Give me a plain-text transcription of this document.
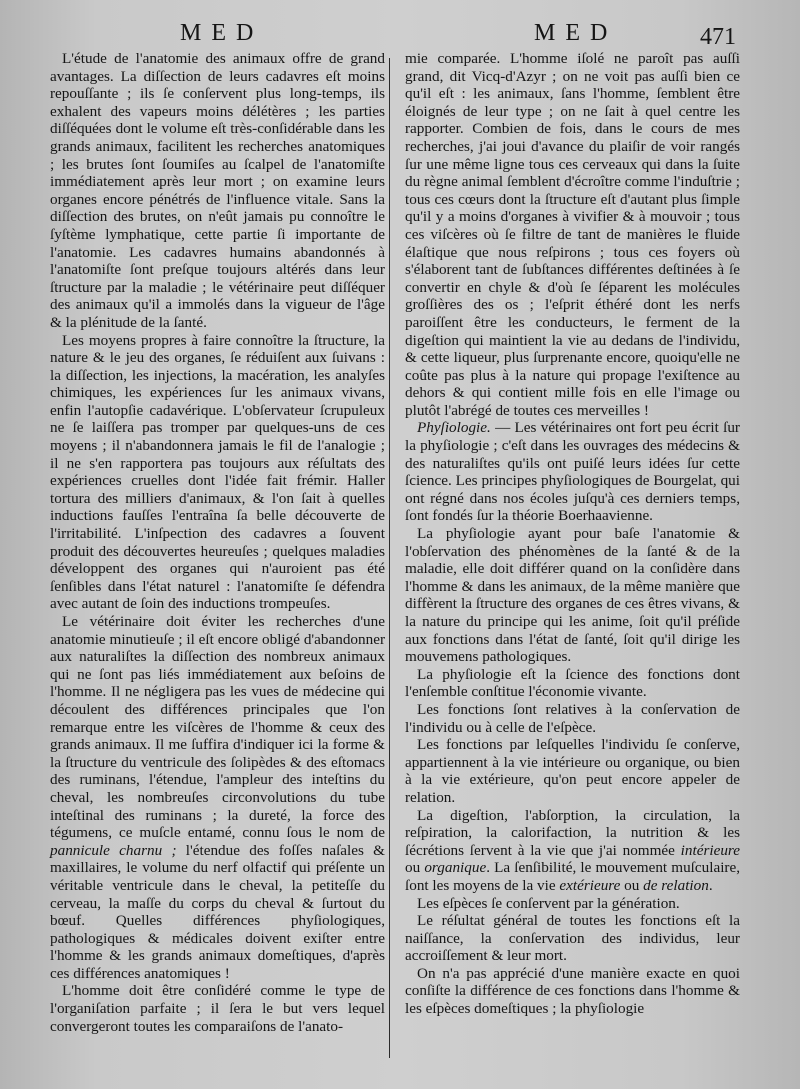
MED	MED	471

L'étude de l'anatomie des animaux offre de grand avantages. La diſſection de leurs cadavres eſt moins repouſſante ; ils ſe conſervent plus long-temps, ils exhalent des vapeurs moins délétères ; les parties diſſéquées dont le volume eſt très-conſidérable dans les grands animaux, facilitent les recherches anatomiques ; les brutes ſont ſoumiſes au ſcalpel de l'anatomiſte immédiatement après leur mort ; on examine leurs organes encore pénétrés de l'influence vitale. Sans la diſſection des brutes, on n'eût jamais pu connoître le ſyſtème lymphatique, cette partie ſi importante de l'anatomie. Les cadavres humains abandonnés à l'anatomiſte ſont preſque toujours altérés dans leur ſtructure par la maladie ; le vétérinaire peut diſſéquer des animaux qu'il a immolés dans la vigueur de l'âge & la plénitude de la ſanté.

Les moyens propres à faire connoître la ſtructure, la nature & le jeu des organes, ſe réduiſent aux ſuivans : la diſſection, les injections, la macération, les analyſes chimiques, les expériences ſur les animaux vivans, enfin l'autopſie cadavérique. L'obſervateur ſcrupuleux ne ſe laiſſera pas tromper par quelques-uns de ces moyens ; il n'abandonnera jamais le fil de l'analogie ; il ne s'en rapportera pas toujours aux réſultats des expériences cruelles dont l'idée fait frémir. Haller tortura des milliers d'animaux, & l'on ſait à quelles inductions fauſſes l'entraîna ſa belle découverte de l'irritabilité. L'inſpection des cadavres a ſouvent produit des découvertes heureuſes ; quelques maladies développent des organes qui n'auroient pas été ſenſibles dans l'état naturel : l'anatomiſte ſe défendra avec autant de ſoin des inductions trompeuſes.

Le vétérinaire doit éviter les recherches d'une anatomie minutieuſe ; il eſt encore obligé d'abandonner aux naturaliſtes la diſſection des nombreux animaux qui ne ſont pas liés immédiatement aux beſoins de l'homme. Il ne négligera pas les vues de médecine qui découlent des différences principales que l'on remarque entre les viſcères de l'homme & ceux des grands animaux. Il me ſuffira d'indiquer ici la forme & la ſtructure du ventricule des ſolipèdes & des eſtomacs des ruminans, l'étendue, l'ampleur des inteſtins du cheval, les nombreuſes circonvolutions du tube inteſtinal des ruminans ; la dureté, la force des tégumens, ce muſcle entamé, connu ſous le nom de pannicule charnu ; l'étendue des foſſes naſales & maxillaires, le volume du nerf olfactif qui préſente un véritable ventricule dans le cheval, la petiteſſe du cerveau, la maſſe du corps du cheval & ſurtout du bœuf. Quelles différences phyſiologiques, pathologiques & médicales doivent exiſter entre l'homme & les grands animaux domeſtiques, d'après ces différences anatomiques !

L'homme doit être conſidéré comme le type de l'organiſation parfaite ; il ſera le but vers lequel convergeront toutes les comparaiſons de l'anato-

mie comparée. L'homme iſolé ne paroît pas auſſi grand, dit Vicq-d'Azyr ; on ne voit pas auſſi bien ce qu'il eſt : les animaux, ſans l'homme, ſemblent être éloignés de leur type ; on ne ſait à quel centre les rapporter. Combien de fois, dans le cours de mes recherches, j'ai joui d'avance du plaiſir de voir rangés ſur une même ligne tous ces cerveaux qui dans la ſuite du règne animal ſemblent d'écroître comme l'induſtrie ; tous ces cœurs dont la ſtructure eſt d'autant plus ſimple qu'il y a moins d'organes à vivifier & à mouvoir ; tous ces viſcères où ſe filtre de tant de manières le fluide élaſtique que nous reſpirons ; tous ces foyers où s'élaborent tant de ſubſtances différentes deſtinées à ſe convertir en chyle & d'où ſe ſéparent les molécules groſſières des os ; l'eſprit éthéré dont les nerfs paroiſſent être les conducteurs, le ferment de la digeſtion qui maintient la vie au dedans de l'individu, & cette liqueur, plus ſurprenante encore, quoiqu'elle ne coûte pas plus à la nature qui propage l'exiſtence au dehors & qui contient mille fois en elle l'image ou plutôt l'abrégé de toutes ces merveilles !

Phyſiologie. — Les vétérinaires ont fort peu écrit ſur la phyſiologie ; c'eſt dans les ouvrages des médecins & des naturaliſtes qu'ils ont puiſé leurs idées ſur cette ſcience. Les principes phyſiologiques de Bourgelat, qui ont régné dans nos écoles juſqu'à ces derniers temps, ſont fondés ſur la théorie Boerhaavienne.

La phyſiologie ayant pour baſe l'anatomie & l'obſervation des phénomènes de la ſanté & de la maladie, elle doit différer quand on la conſidère dans l'homme & dans les animaux, de la même manière que diffèrent la ſtructure des organes de ces êtres vivans, & la nature du principe qui les anime, ſoit qu'il préſide aux fonctions dans l'état de ſanté, ſoit qu'il dirige les mouvemens pathologiques.

La phyſiologie eſt la ſcience des fonctions dont l'enſemble conſtitue l'économie vivante.

Les fonctions ſont relatives à la conſervation de l'individu ou à celle de l'eſpèce.

Les fonctions par leſquelles l'individu ſe conſerve, appartiennent à la vie intérieure ou organique, ou bien à la vie extérieure, qu'on peut encore appeler de relation.

La digeſtion, l'abſorption, la circulation, la reſpiration, la calorifaction, la nutrition & les ſécrétions ſervent à la vie que j'ai nommée intérieure ou organique. La ſenſibilité, le mouvement muſculaire, ſont les moyens de la vie extérieure ou de relation.

Les eſpèces ſe conſervent par la génération.

Le réſultat général de toutes les fonctions eſt la naiſſance, la conſervation des individus, leur accroiſſement & leur mort.

On n'a pas apprécié d'une manière exacte en quoi conſiſte la différence de ces fonctions dans l'homme & les eſpèces domeſtiques ; la phyſiologie
